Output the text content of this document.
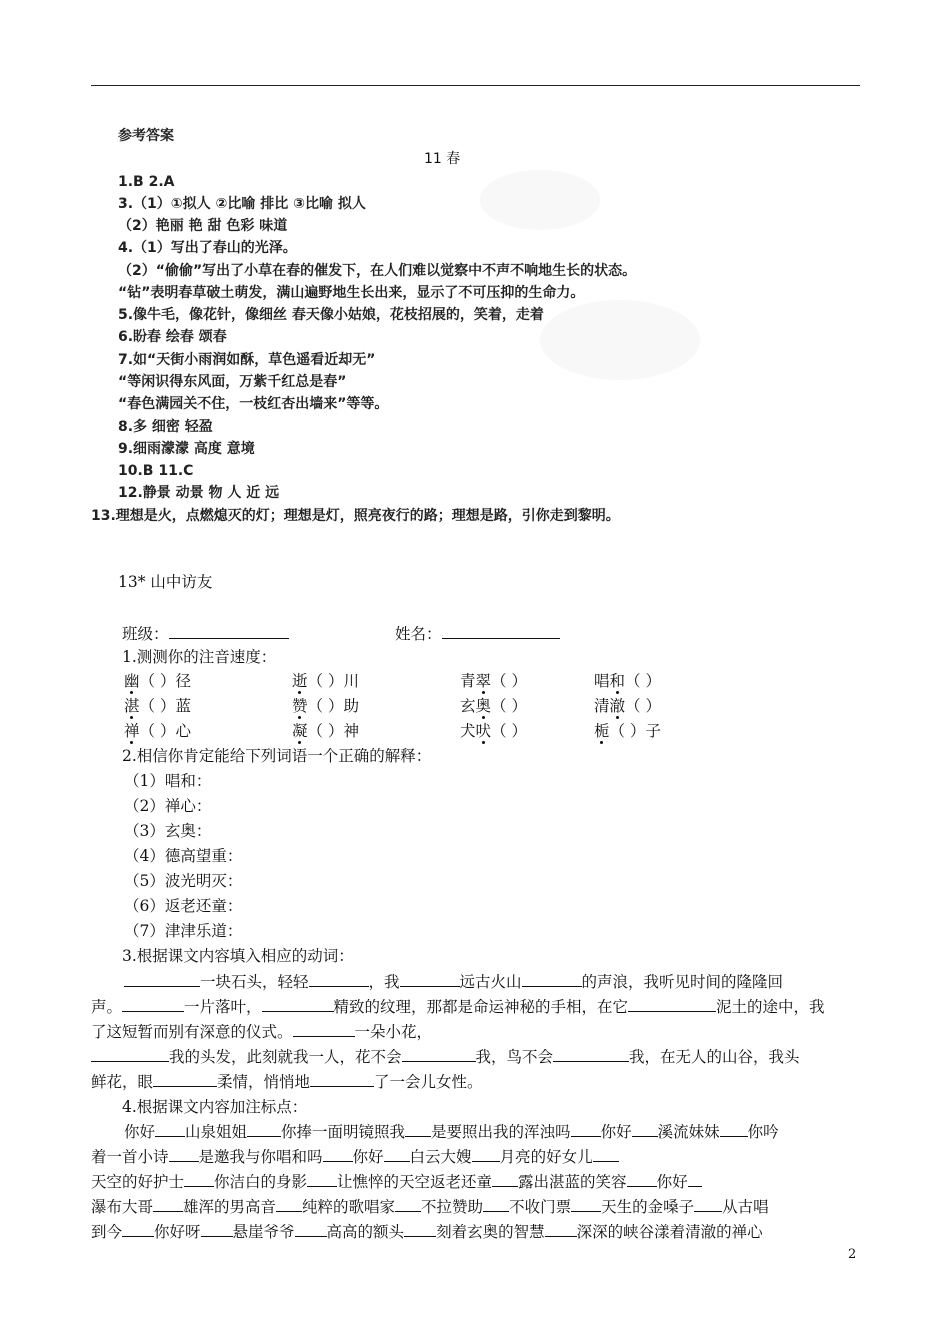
参考答案
11 春
1.B 2.A
3.（1）①拟人 ②比喻 排比 ③比喻 拟人
（2）艳丽 艳 甜 色彩 味道
4.（1）写出了春山的光泽。
（2）“偷偷”写出了小草在春的催发下，在人们难以觉察中不声不响地生长的状态。
“钻”表明春草破土萌发，满山遍野地生长出来，显示了不可压抑的生命力。
5.像牛毛，像花针，像细丝 春天像小姑娘，花枝招展的，笑着，走着
6.盼春 绘春 颂春
7.如“天街小雨润如酥，草色遥看近却无”
“等闲识得东风面，万紫千红总是春”
“春色满园关不住，一枝红杏出墙来”等等。
8.多 细密 轻盈
9.细雨濛濛 高度 意境
10.B 11.C
12.静景 动景 物 人 近 远
13.理想是火，点燃熄灭的灯；理想是灯，照亮夜行的路；理想是路，引你走到黎明。
13* 山中访友
班级：	姓名：
1.测测你的注音速度：
幽（ ）径	逝（ ）川	青翠（ ）	唱和（ ）
湛（ ）蓝	赞（ ）助	玄奥（ ）	清澈（ ）
禅（ ）心	凝（ ）神	犬吠（ ）	栀（ ）子
2.相信你肯定能给下列词语一个正确的解释：
（1）唱和：
（2）禅心：
（3）玄奥：
（4）德高望重：
（5）波光明灭：
（6）返老还童：
（7）津津乐道：
3.根据课文内容填入相应的动词：
一块石头，轻轻	，我	远古火山	的声浪，我听见时间的隆隆回
声。	一片落叶，	精致的纹理，那都是命运神秘的手相，在它	泥土的途中，我
了这短暂而别有深意的仪式。	一朵小花，
我的头发，此刻就我一人，花不会	我，鸟不会	我，在无人的山谷，我头
鲜花，眼	柔情，悄悄地	了一会儿女性。
4.根据课文内容加注标点：
你好 山泉姐姐 你捧一面明镜照我 是要照出我的浑浊吗 你好 溪流妹妹 你吟
着一首小诗 是邀我与你唱和吗 你好 白云大嫂 月亮的好女儿
天空的好护士 你洁白的身影 让憔悴的天空返老还童 露出湛蓝的笑容 你好
瀑布大哥 雄浑的男高音 纯粹的歌唱家 不拉赞助 不收门票 天生的金嗓子 从古唱
到今 你好呀 悬崖爷爷 高高的额头 刻着玄奥的智慧 深深的峡谷漾着清澈的禅心
2
